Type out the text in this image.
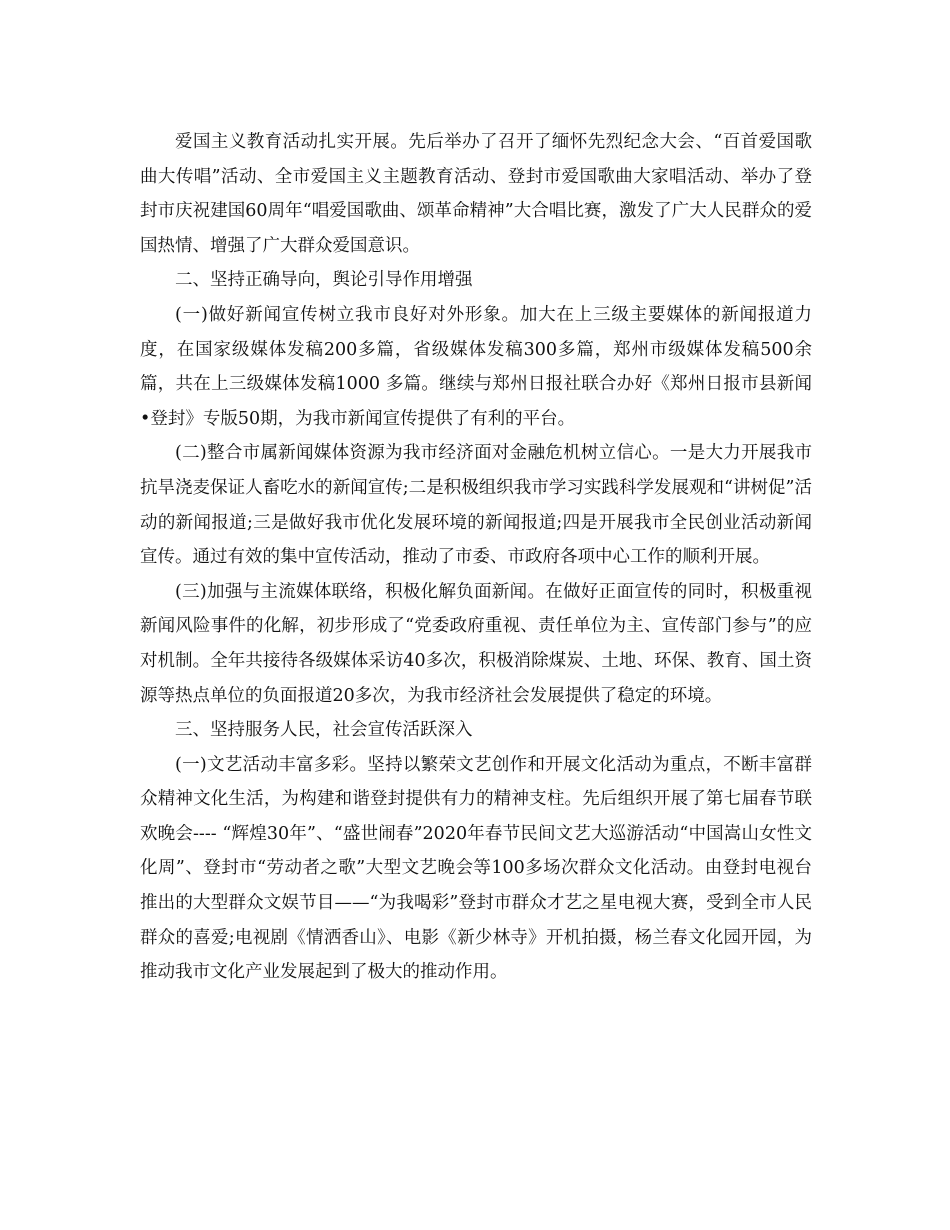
爱国主义教育活动扎实开展。先后举办了召开了缅怀先烈纪念大会、“百首爱国歌曲大传唱”活动、全市爱国主义主题教育活动、登封市爱国歌曲大家唱活动、举办了登封市庆祝建国60周年“唱爱国歌曲、颂革命精神”大合唱比赛，激发了广大人民群众的爱国热情、增强了广大群众爱国意识。

二、坚持正确导向，舆论引导作用增强

(一)做好新闻宣传树立我市良好对外形象。加大在上三级主要媒体的新闻报道力度，在国家级媒体发稿200多篇，省级媒体发稿300多篇，郑州市级媒体发稿500余篇，共在上三级媒体发稿1000 多篇。继续与郑州日报社联合办好《郑州日报市县新闻•登封》专版50期，为我市新闻宣传提供了有利的平台。

(二)整合市属新闻媒体资源为我市经济面对金融危机树立信心。一是大力开展我市抗旱浇麦保证人畜吃水的新闻宣传;二是积极组织我市学习实践科学发展观和“讲树促”活动的新闻报道;三是做好我市优化发展环境的新闻报道;四是开展我市全民创业活动新闻宣传。通过有效的集中宣传活动，推动了市委、市政府各项中心工作的顺利开展。

(三)加强与主流媒体联络，积极化解负面新闻。在做好正面宣传的同时，积极重视新闻风险事件的化解，初步形成了“党委政府重视、责任单位为主、宣传部门参与”的应对机制。全年共接待各级媒体采访40多次，积极消除煤炭、土地、环保、教育、国土资源等热点单位的负面报道20多次，为我市经济社会发展提供了稳定的环境。

三、坚持服务人民，社会宣传活跃深入

(一)文艺活动丰富多彩。坚持以繁荣文艺创作和开展文化活动为重点，不断丰富群众精神文化生活，为构建和谐登封提供有力的精神支柱。先后组织开展了第七届春节联欢晚会---- “辉煌30年”、“盛世闹春”2020年春节民间文艺大巡游活动“中国嵩山女性文化周”、登封市“劳动者之歌”大型文艺晚会等100多场次群众文化活动。由登封电视台推出的大型群众文娱节目——“为我喝彩”登封市群众才艺之星电视大赛，受到全市人民群众的喜爱;电视剧《情洒香山》、电影《新少林寺》开机拍摄，杨兰春文化园开园，为推动我市文化产业发展起到了极大的推动作用。
